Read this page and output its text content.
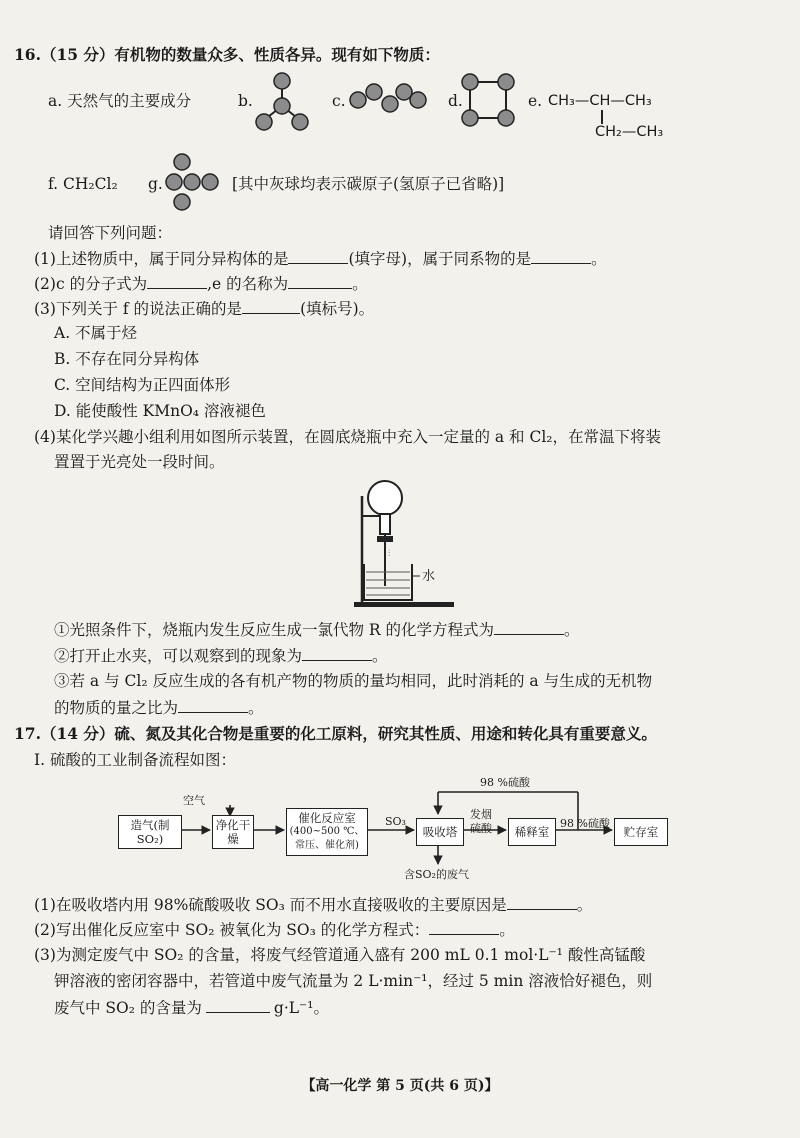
16.（15 分）有机物的数量众多、性质各异。现有如下物质：
a. 天然气的主要成分	b.	c.	d.	e. CH₃—CH—CH₃
CH₂—CH₃
f. CH₂Cl₂ g.	[其中灰球均表示碳原子(氢原子已省略)]
请回答下列问题：
(1)上述物质中，属于同分异构体的是	(填字母)，属于同系物的是	。
(2)c 的分子式为	,e 的名称为	。
(3)下列关于 f 的说法正确的是	(填标号)。
A. 不属于烃
B. 不存在同分异构体
C. 空间结构为正四面体形
D. 能使酸性 KMnO₄ 溶液褪色
(4)某化学兴趣小组利用如图所示装置，在圆底烧瓶中充入一定量的 a 和 Cl₂，在常温下将装
置置于光亮处一段时间。
⫶
水
①光照条件下，烧瓶内发生反应生成一氯代物 R 的化学方程式为	。
②打开止水夹，可以观察到的现象为	。
③若 a 与 Cl₂ 反应生成的各有机产物的物质的量均相同，此时消耗的 a 与生成的无机物
的物质的量之比为	。
17.（14 分）硫、氮及其化合物是重要的化工原料，研究其性质、用途和转化具有重要意义。
Ⅰ. 硫酸的工业制备流程如图：
空气
98 %硫酸
造气(制SO₂)
净化干燥
催化反应室
(400~500 ℃、
常压、催化剂)
SO₃
吸收塔
发烟
硫酸 稀释室
98 %硫酸
贮存室
含SO₂的废气
(1)在吸收塔内用 98%硫酸吸收 SO₃ 而不用水直接吸收的主要原因是	。
(2)写出催化反应室中 SO₂ 被氧化为 SO₃ 的化学方程式：	。
(3)为测定废气中 SO₂ 的含量，将废气经管道通入盛有 200 mL 0.1 mol·L⁻¹ 酸性高锰酸
钾溶液的密闭容器中，若管道中废气流量为 2 L·min⁻¹，经过 5 min 溶液恰好褪色，则
废气中 SO₂ 的含量为	g·L⁻¹。
【高一化学 第 5 页(共 6 页)】
